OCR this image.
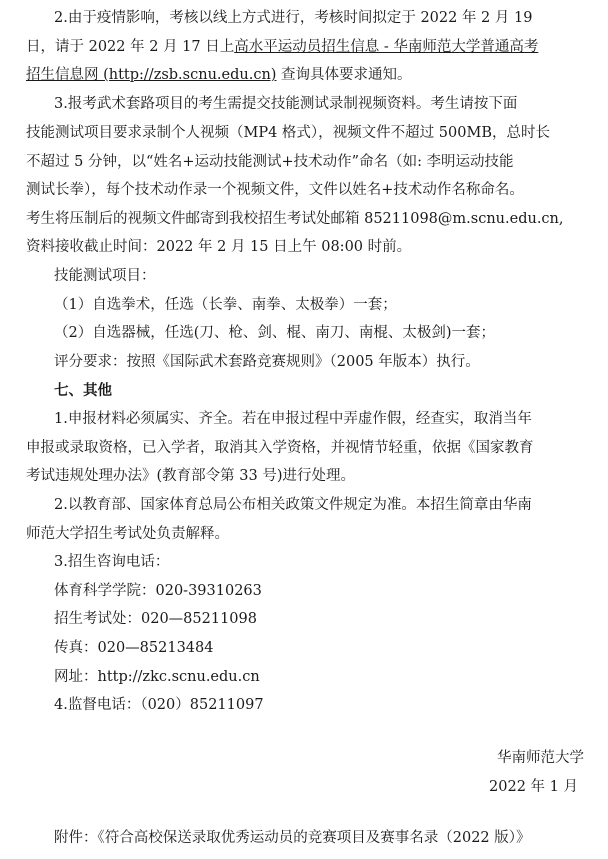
2.由于疫情影响，考核以线上方式进行，考核时间拟定于 2022 年 2 月 19
日，请于 2022 年 2 月 17 日上高水平运动员招生信息 - 华南师范大学普通高考
招生信息网 (http://zsb.scnu.edu.cn) 查询具体要求通知。
3.报考武术套路项目的考生需提交技能测试录制视频资料。考生请按下面
技能测试项目要求录制个人视频（MP4 格式），视频文件不超过 500MB，总时长
不超过 5 分钟，以“姓名+运动技能测试+技术动作”命名（如: 李明运动技能
测试长拳），每个技术动作录一个视频文件，文件以姓名+技术动作名称命名。
考生将压制后的视频文件邮寄到我校招生考试处邮箱 85211098@m.scnu.edu.cn,
资料接收截止时间：2022 年 2 月 15 日上午 08:00 时前。
技能测试项目：
（1）自选拳术，任选（长拳、南拳、太极拳）一套；
（2）自选器械，任选(刀、枪、剑、棍、南刀、南棍、太极剑)一套；
评分要求：按照《国际武术套路竞赛规则》（2005 年版本）执行。
七、其他
1.申报材料必须属实、齐全。若在申报过程中弄虚作假，经查实，取消当年
申报或录取资格，已入学者，取消其入学资格，并视情节轻重，依据《国家教育
考试违规处理办法》(教育部令第 33 号)进行处理。
2.以教育部、国家体育总局公布相关政策文件规定为准。本招生简章由华南
师范大学招生考试处负责解释。
3.招生咨询电话：
体育科学学院：020-39310263
招生考试处：020—85211098
传真：020—85213484
网址：http://zkc.scnu.edu.cn
4.监督电话：（020）85211097
华南师范大学
2022 年 1 月
附件：《符合高校保送录取优秀运动员的竞赛项目及赛事名录（2022 版）》
